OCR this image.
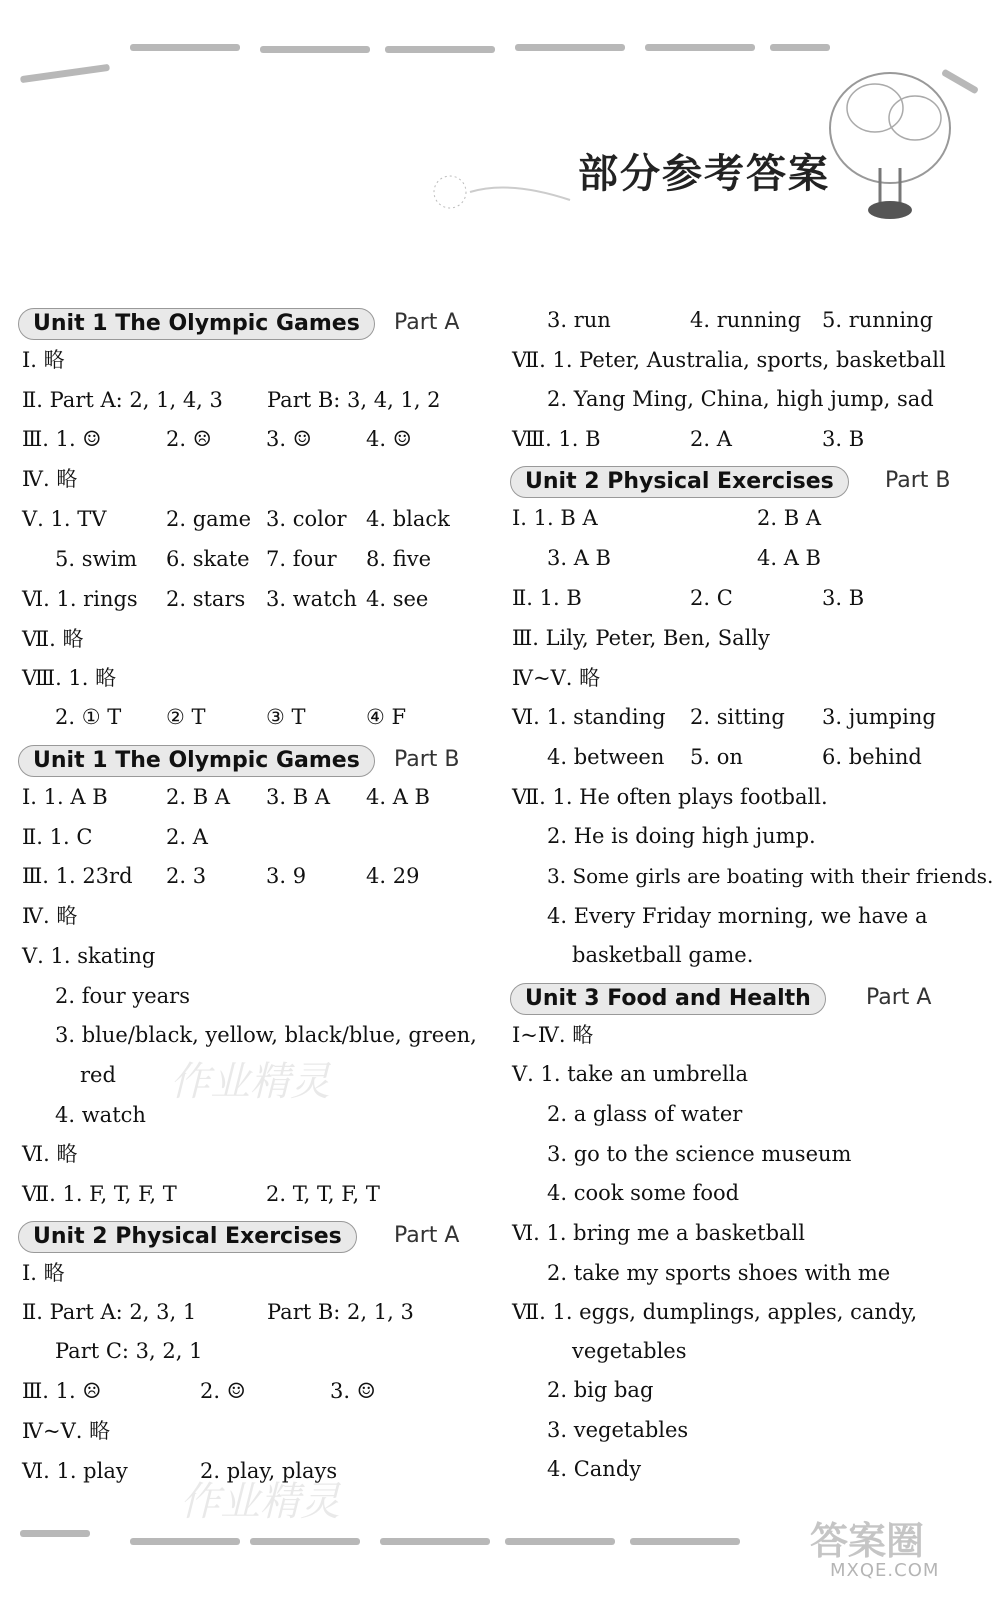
部分参考答案
Unit 1 The Olympic Games	Part A
Ⅰ. 略
Ⅱ. Part A: 2, 1, 4, 3 Part B: 3, 4, 1, 2
Ⅲ. 1. ☺	2. ☹	3. ☺	4. ☺
Ⅳ. 略
Ⅴ. 1. TV	2. game 3. color 4. black
5. swim 6. skate 7. four 8. five
Ⅵ. 1. rings 2. stars 3. watch 4. see
Ⅶ. 略
Ⅷ. 1. 略
2. ① T ② T	③ T	④ F
Unit 1 The Olympic Games	Part B
Ⅰ. 1. A B	2. B A 3. B A 4. A B
Ⅱ. 1. C	2. A
Ⅲ. 1. 23rd 2. 3	3. 9	4. 29
Ⅳ. 略
Ⅴ. 1. skating
2. four years
3. blue/black, yellow, black/blue, green,
red
4. watch
Ⅵ. 略
Ⅶ. 1. F, T, F, T	2. T, T, F, T
Unit 2 Physical Exercises	Part A
Ⅰ. 略
Ⅱ. Part A: 2, 3, 1	Part B: 2, 1, 3
Part C: 3, 2, 1
Ⅲ. 1. ☹	2. ☺	3. ☺
Ⅳ~Ⅴ. 略
Ⅵ. 1. play	2. play, plays
3. run	4. running 5. running
Ⅶ. 1. Peter, Australia, sports, basketball
2. Yang Ming, China, high jump, sad
Ⅷ. 1. B	2. A	3. B
Unit 2 Physical Exercises	Part B
Ⅰ. 1. B A	2. B A
3. A B	4. A B
Ⅱ. 1. B	2. C	3. B
Ⅲ. Lily, Peter, Ben, Sally
Ⅳ~Ⅴ. 略
Ⅵ. 1. standing 2. sitting 3. jumping
4. between 5. on	6. behind
Ⅶ. 1. He often plays football.
2. He is doing high jump.
3. Some girls are boating with their friends.
4. Every Friday morning, we have a
basketball game.
Unit 3 Food and Health	Part A
Ⅰ~Ⅳ. 略
Ⅴ. 1. take an umbrella
2. a glass of water
3. go to the science museum
4. cook some food
Ⅵ. 1. bring me a basketball
2. take my sports shoes with me
Ⅶ. 1. eggs, dumplings, apples, candy,
vegetables
2. big bag
3. vegetables
4. Candy
作业精灵
作业精灵
答案圈
MXQE.COM
